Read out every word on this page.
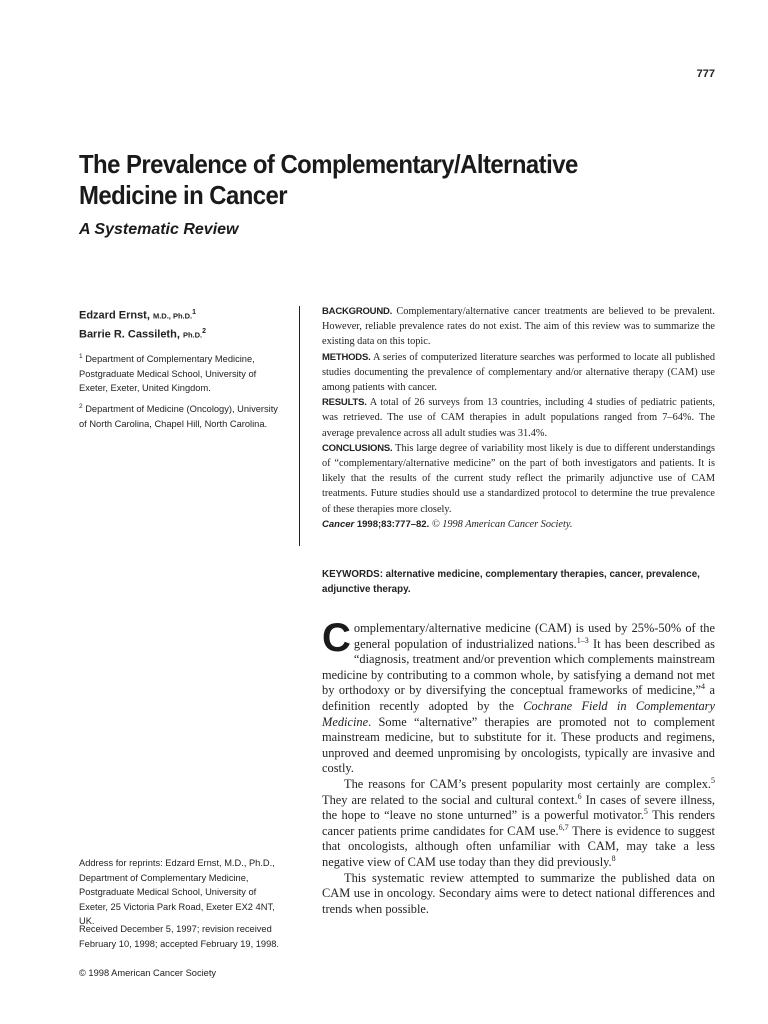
777
The Prevalence of Complementary/Alternative
Medicine in Cancer
A Systematic Review
Edzard Ernst, M.D., Ph.D.$^1$
Barrie R. Cassileth, Ph.D.$^2$
$^1$ Department of Complementary Medicine, Postgraduate Medical School, University of Exeter, Exeter, United Kingdom.
$^2$ Department of Medicine (Oncology), University of North Carolina, Chapel Hill, North Carolina.

BACKGROUND. Complementary/alternative cancer treatments are believed to be prevalent. However, reliable prevalence rates do not exist. The aim of this review was to summarize the existing data on this topic.

METHODS. A series of computerized literature searches was performed to locate all published studies documenting the prevalence of complementary and/or alternative therapy (CAM) use among patients with cancer.

RESULTS. A total of 26 surveys from 13 countries, including 4 studies of pediatric patients, was retrieved. The use of CAM therapies in adult populations ranged from 7–64%. The average prevalence across all adult studies was 31.4%.

CONCLUSIONS. This large degree of variability most likely is due to different understandings of “complementary/alternative medicine” on the part of both investigators and patients. It is likely that the results of the current study reflect the primarily adjunctive use of CAM treatments. Future studies should use a standardized protocol to determine the true prevalence of these therapies more closely.

Cancer 1998;83:777–82. © 1998 American Cancer Society.

KEYWORDS: alternative medicine, complementary therapies, cancer, prevalence, adjunctive therapy.

Complementary/alternative medicine (CAM) is used by 25%-50% of the general population of industrialized nations.$^{1-3}$ It has been described as “diagnosis, treatment and/or prevention which complements mainstream medicine by contributing to a common whole, by satisfying a demand not met by orthodoxy or by diversifying the conceptual frameworks of medicine,”$^4$ a definition recently adopted by the Cochrane Field in Complementary Medicine. Some “alternative” therapies are promoted not to complement mainstream medicine, but to substitute for it. These products and regimens, unproved and deemed unpromising by oncologists, typically are invasive and costly.

The reasons for CAM’s present popularity most certainly are complex.$^5$ They are related to the social and cultural context.$^6$ In cases of severe illness, the hope to “leave no stone unturned” is a powerful motivator.$^5$ This renders cancer patients prime candidates for CAM use.$^{6,7}$ There is evidence to suggest that oncologists, although often unfamiliar with CAM, may take a less negative view of CAM use today than they did previously.$^8$

This systematic review attempted to summarize the published data on CAM use in oncology. Secondary aims were to detect national differences and trends when possible.

Address for reprints: Edzard Ernst, M.D., Ph.D., Department of Complementary Medicine, Postgraduate Medical School, University of Exeter, 25 Victoria Park Road, Exeter EX2 4NT, UK.
Received December 5, 1997; revision received February 10, 1998; accepted February 19, 1998.
© 1998 American Cancer Society
